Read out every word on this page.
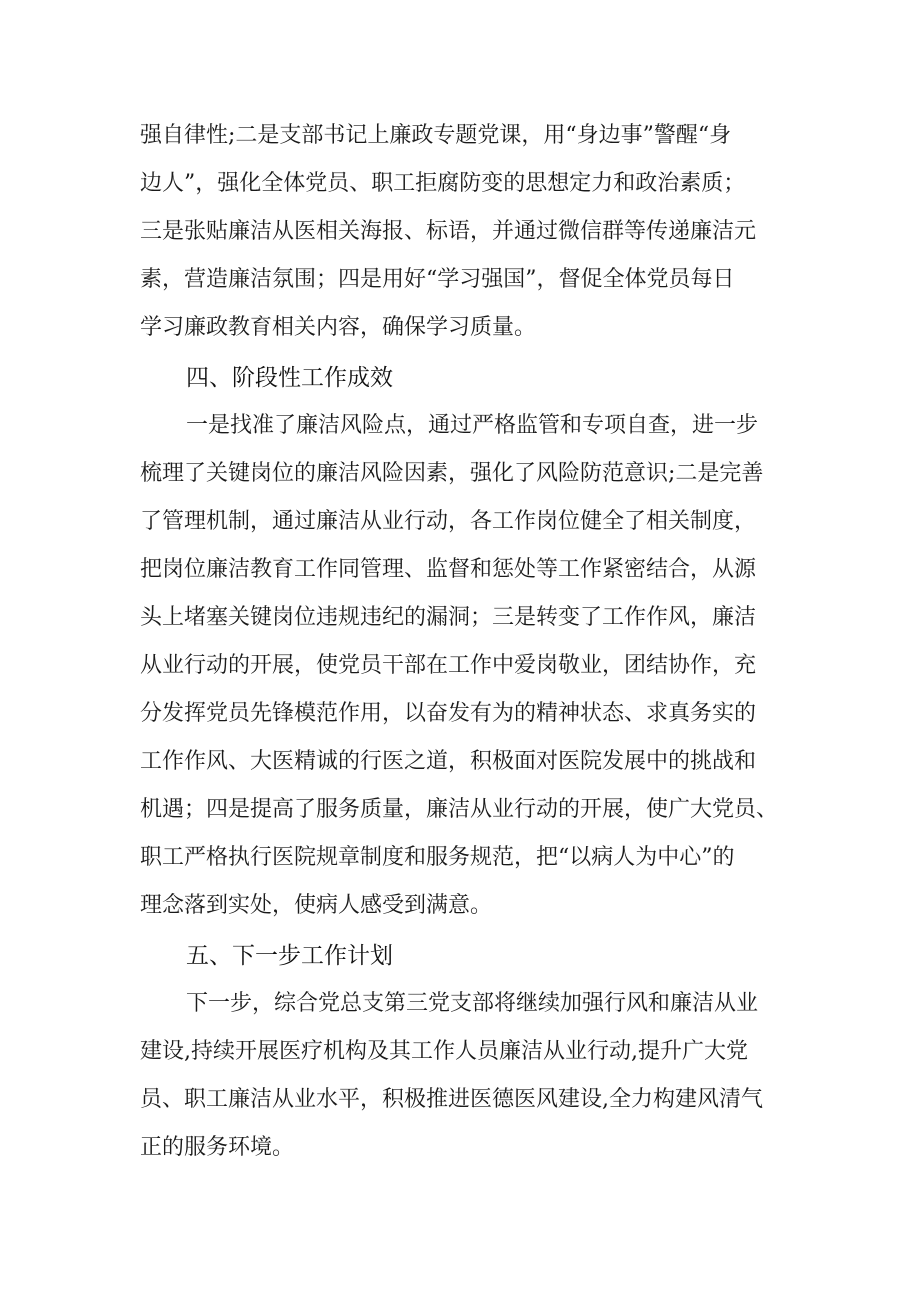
强自律性;二是支部书记上廉政专题党课，用“身边事”警醒“身
边人”，强化全体党员、职工拒腐防变的思想定力和政治素质；
三是张贴廉洁从医相关海报、标语，并通过微信群等传递廉洁元
素，营造廉洁氛围；四是用好“学习强国”，督促全体党员每日
学习廉政教育相关内容，确保学习质量。
四、阶段性工作成效
一是找准了廉洁风险点，通过严格监管和专项自查，进一步
梳理了关键岗位的廉洁风险因素，强化了风险防范意识;二是完善
了管理机制，通过廉洁从业行动，各工作岗位健全了相关制度，
把岗位廉洁教育工作同管理、监督和惩处等工作紧密结合，从源
头上堵塞关键岗位违规违纪的漏洞；三是转变了工作作风，廉洁
从业行动的开展，使党员干部在工作中爱岗敬业，团结协作，充
分发挥党员先锋模范作用，以奋发有为的精神状态、求真务实的
工作作风、大医精诚的行医之道，积极面对医院发展中的挑战和
机遇；四是提高了服务质量，廉洁从业行动的开展，使广大党员、
职工严格执行医院规章制度和服务规范，把“以病人为中心”的
理念落到实处，使病人感受到满意。
五、下一步工作计划
下一步，综合党总支第三党支部将继续加强行风和廉洁从业
建设,持续开展医疗机构及其工作人员廉洁从业行动,提升广大党
员、职工廉洁从业水平，积极推进医德医风建设,全力构建风清气
正的服务环境。
